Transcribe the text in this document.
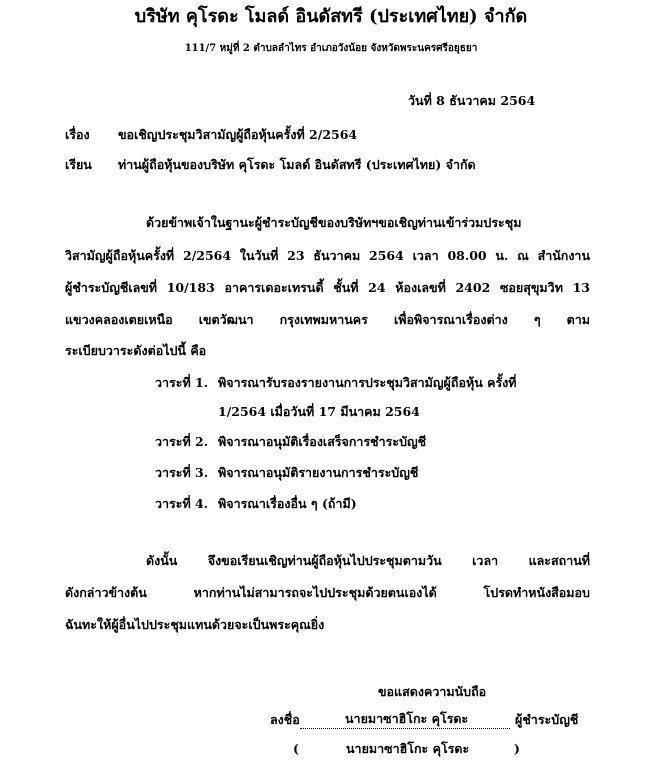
บริษัท คุโรดะ โมลด์ อินดัสทรี (ประเทศไทย) จำกัด
111/7 หมู่ที่ 2 ตำบลลำไทร อำเภอวังน้อย จังหวัดพระนครศรีอยุธยา
วันที่ 8 ธันวาคม 2564
เรื่อง ขอเชิญประชุมวิสามัญผู้ถือหุ้นครั้งที่ 2/2564
เรียน ท่านผู้ถือหุ้นของบริษัท คุโรดะ โมลด์ อินดัสทรี (ประเทศไทย) จำกัด
ด้วยข้าพเจ้าในฐานะผู้ชำระบัญชีของบริษัทฯขอเชิญท่านเข้าร่วมประชุม
วิสามัญผู้ถือหุ้นครั้งที่ 2/2564 ในวันที่ 23 ธันวาคม 2564 เวลา 08.00 น. ณ สำนักงาน
ผู้ชำระบัญชีเลขที่ 10/183 อาคารเดอะเทรนดี้ ชั้นที่ 24 ห้องเลขที่ 2402 ซอยสุขุมวิท 13
แขวงคลองเตยเหนือ เขตวัฒนา กรุงเทพมหานคร เพื่อพิจารณาเรื่องต่าง ๆ ตาม
ระเบียบวาระดังต่อไปนี้ คือ
วาระที่ 1. พิจารณารับรองรายงานการประชุมวิสามัญผู้ถือหุ้น ครั้งที่
1/2564 เมื่อวันที่ 17 มีนาคม 2564
วาระที่ 2. พิจารณาอนุมัติเรื่องเสร็จการชำระบัญชี
วาระที่ 3. พิจารณาอนุมัติรายงานการชำระบัญชี
วาระที่ 4. พิจารณาเรื่องอื่น ๆ (ถ้ามี)
ดังนั้น จึงขอเรียนเชิญท่านผู้ถือหุ้นไปประชุมตามวัน เวลา และสถานที่
ดังกล่าวข้างต้น หากท่านไม่สามารถจะไปประชุมด้วยตนเองได้ โปรดทำหนังสือมอบ
ฉันทะให้ผู้อื่นไปประชุมแทนด้วยจะเป็นพระคุณยิ่ง
ขอแสดงความนับถือ
ลงชื่อ	นายมาซาฮิโกะ คุโรดะ	ผู้ชำระบัญชี
(	นายมาซาฮิโกะ คุโรดะ	)
